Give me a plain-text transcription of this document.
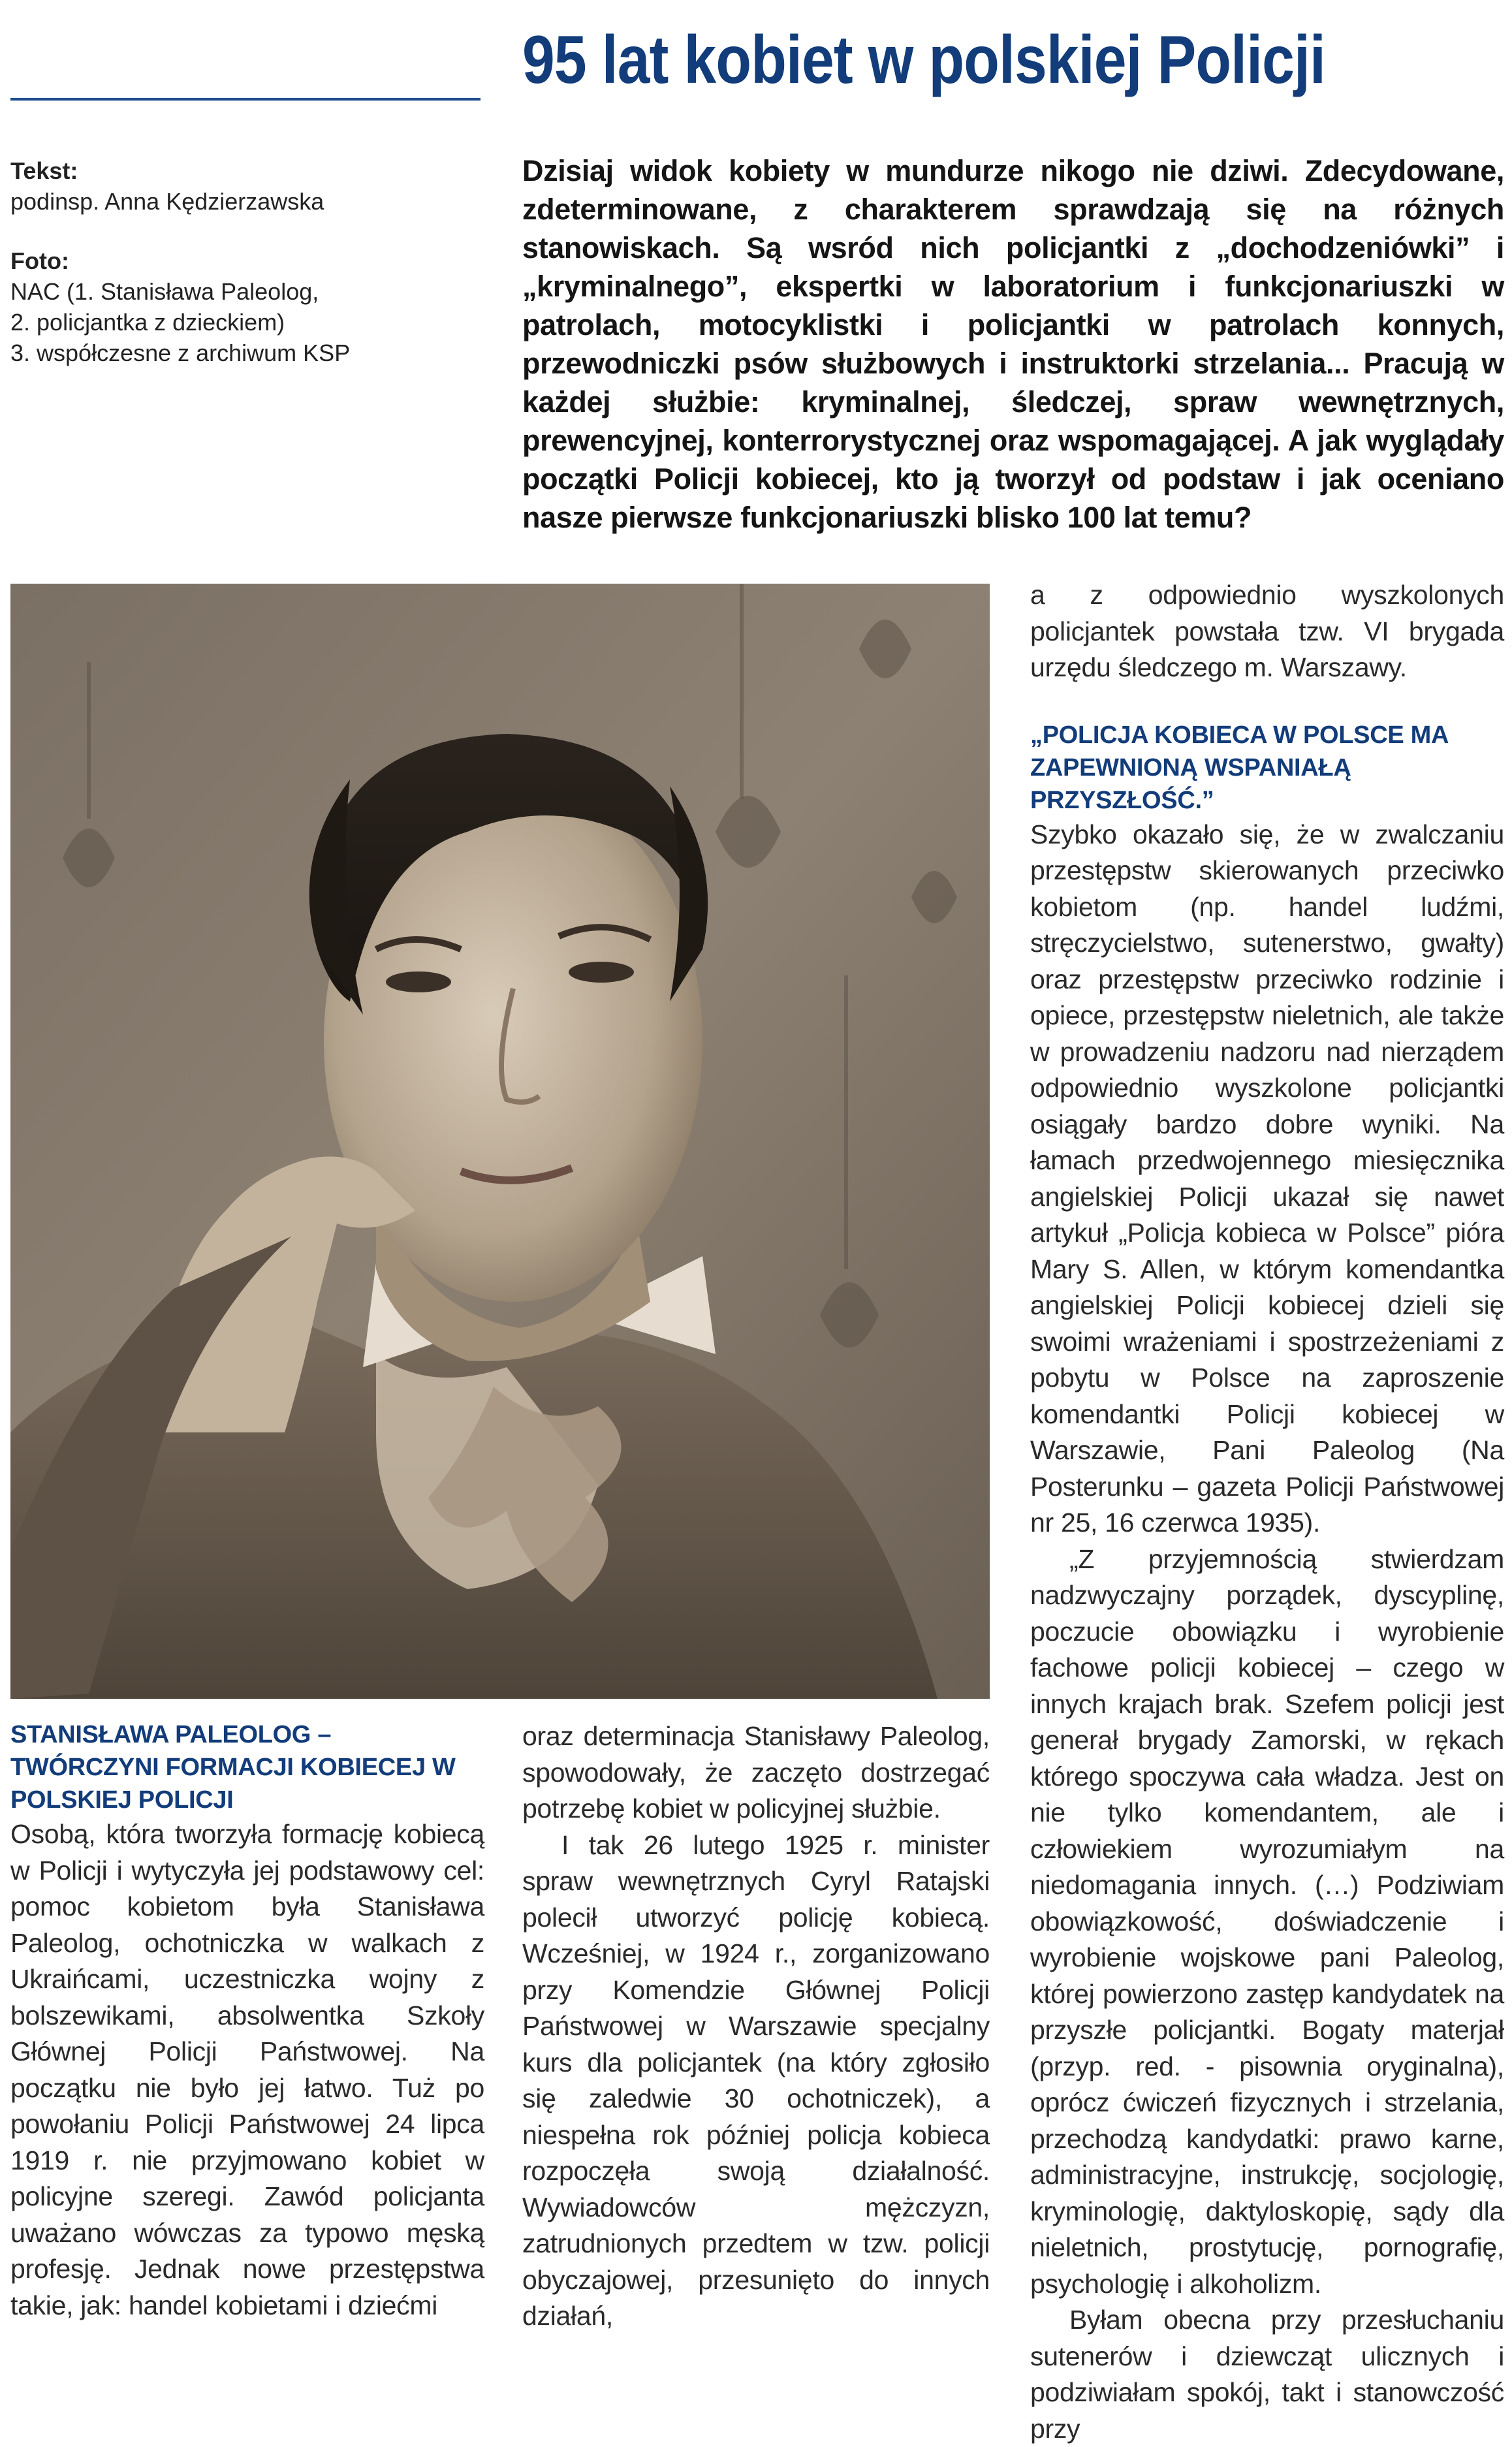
95 lat kobiet w polskiej Policji
Tekst:
podinsp. Anna Kędzierzawska
Foto:
NAC (1. Stanisława Paleolog,
2. policjantka z dzieckiem)
3. współczesne z archiwum KSP
Dzisiaj widok kobiety w mundurze nikogo nie dziwi. Zdecydowane, zdeterminowane, z charakterem sprawdzają się na różnych stanowiskach. Są wsród nich policjantki z „dochodzeniówki” i „kryminalnego”, ekspertki w laboratorium i funkcjonariuszki w patrolach, motocyklistki i policjantki w patrolach konnych, przewodniczki psów służbowych i instruktorki strzelania... Pracują w każdej służbie: kryminalnej, śledczej, spraw wewnętrznych, prewencyjnej, konterrorystycznej oraz wspomagającej. A jak wyglądały początki Policji kobiecej, kto ją tworzył od podstaw i jak oceniano nasze pierwsze funkcjonariuszki blisko 100 lat temu?
STANISŁAWA PALEOLOG – TWÓRCZYNI FORMACJI KOBIECEJ W POLSKIEJ POLICJI

Osobą, która tworzyła formację kobiecą w Policji i wytyczyła jej podstawowy cel: pomoc kobietom była Stanisława Paleolog, ochotniczka w walkach z Ukraińcami, uczestniczka wojny z bolszewikami, absolwentka Szkoły Głównej Policji Państwowej. Na początku nie było jej łatwo. Tuż po powołaniu Policji Państwowej 24 lipca 1919 r. nie przyjmowano kobiet w policyjne szeregi. Zawód policjanta uważano wówczas za typowo męską profesję. Jednak nowe przestępstwa takie, jak: handel kobietami i dziećmi

oraz determinacja Stanisławy Paleolog, spowodowały, że zaczęto dostrzegać potrzebę kobiet w policyjnej służbie.

I tak 26 lutego 1925 r. minister spraw wewnętrznych Cyryl Ratajski polecił utworzyć policję kobiecą. Wcześniej, w 1924 r., zorganizowano przy Komendzie Głównej Policji Państwowej w Warszawie specjalny kurs dla policjantek (na który zgłosiło się zaledwie 30 ochotniczek), a niespełna rok później policja kobieca rozpoczęła swoją działalność. Wywiadowców mężczyzn, zatrudnionych przedtem w tzw. policji obyczajowej, przesunięto do innych działań,

a z odpowiednio wyszkolonych policjantek powstała tzw. VI brygada urzędu śledczego m. Warszawy.

„POLICJA KOBIECA W POLSCE MA ZAPEWNIONĄ WSPANIAŁĄ PRZYSZŁOŚĆ.”

Szybko okazało się, że w zwalczaniu przestępstw skierowanych przeciwko kobietom (np. handel ludźmi, stręczycielstwo, sutenerstwo, gwałty) oraz przestępstw przeciwko rodzinie i opiece, przestępstw nieletnich, ale także w prowadzeniu nadzoru nad nierządem odpowiednio wyszkolone policjantki osiągały bardzo dobre wyniki. Na łamach przedwojennego miesięcznika angielskiej Policji ukazał się nawet artykuł „Policja kobieca w Polsce” pióra Mary S. Allen, w którym komendantka angielskiej Policji kobiecej dzieli się swoimi wrażeniami i spostrzeżeniami z pobytu w Polsce na zaproszenie komendantki Policji kobiecej w Warszawie, Pani Paleolog (Na Posterunku – gazeta Policji Państwowej nr 25, 16 czerwca 1935).

„Z przyjemnością stwierdzam nadzwyczajny porządek, dyscyplinę, poczucie obowiązku i wyrobienie fachowe policji kobiecej – czego w innych krajach brak. Szefem policji jest generał brygady Zamorski, w rękach którego spoczywa cała władza. Jest on nie tylko komendantem, ale i człowiekiem wyrozumiałym na niedomagania innych. (…) Podziwiam obowiązkowość, doświadczenie i wyrobienie wojskowe pani Paleolog, której powierzono zastęp kandydatek na przyszłe policjantki. Bogaty materjał (przyp. red. - pisownia oryginalna), oprócz ćwiczeń fizycznych i strzelania, przechodzą kandydatki: prawo karne, administracyjne, instrukcję, socjologię, kryminologię, daktyloskopię, sądy dla nieletnich, prostytucję, pornografię, psychologię i alkoholizm.

Byłam obecna przy przesłuchaniu sutenerów i dziewcząt ulicznych i podziwiałam spokój, takt i stanowczość przy
